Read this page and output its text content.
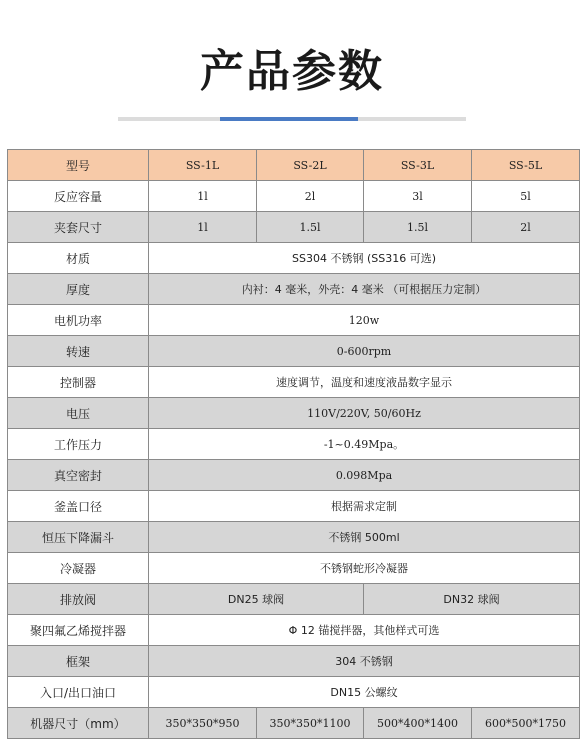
产品参数
型号	SS-1L	SS-2L	SS-3L	SS-5L
反应容量	1l	2l	3l	5l
夹套尺寸	1l	1.5l	1.5l	2l
材质	SS304 不锈钢 (SS316 可选)			
厚度	内衬：4 毫米，外壳：4 毫米 （可根据压力定制）			
电机功率	120w			
转速	0-600rpm			
控制器	速度调节，温度和速度液晶数字显示			
电压	110V/220V, 50/60Hz			
工作压力	-1~0.49Mpa。			
真空密封	0.098Mpa			
釜盖口径	根据需求定制			
恒压下降漏斗	不锈钢 500ml			
冷凝器	不锈钢蛇形冷凝器			
排放阀	DN25 球阀		DN32 球阀	
聚四氟乙烯搅拌器	Φ 12 锚搅拌器，其他样式可选			
框架	304 不锈钢			
入口/出口油口	DN15 公螺纹			
机器尺寸（mm）	350*350*950	350*350*1100	500*400*1400	600*500*1750
